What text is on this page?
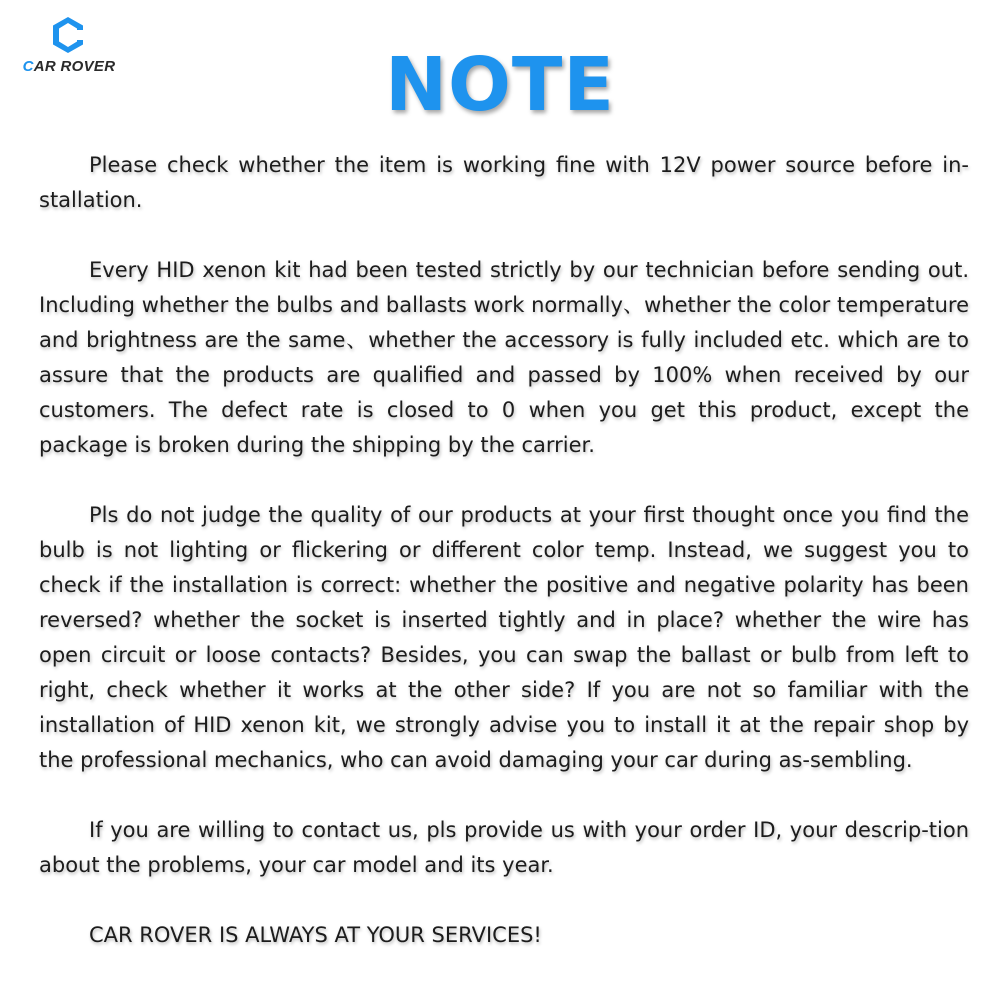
CAR ROVER	NOTE

Please check whether the item is working fine with 12V power source before in-stallation.

Every HID xenon kit had been tested strictly by our technician before sending out. Including whether the bulbs and ballasts work normally、whether the color temperature and brightness are the same、whether the accessory is fully included etc. which are to assure that the products are qualified and passed by 100% when received by our customers. The defect rate is closed to 0 when you get this product, except the package is broken during the shipping by the carrier.

Pls do not judge the quality of our products at your first thought once you find the bulb is not lighting or flickering or different color temp. Instead, we suggest you to check if the installation is correct: whether the positive and negative polarity has been reversed? whether the socket is inserted tightly and in place? whether the wire has open circuit or loose contacts? Besides, you can swap the ballast or bulb from left to right, check whether it works at the other side? If you are not so familiar with the installation of HID xenon kit, we strongly advise you to install it at the repair shop by the professional mechanics, who can avoid damaging your car during as-sembling.

If you are willing to contact us, pls provide us with your order ID, your descrip-tion about the problems, your car model and its year.

CAR ROVER IS ALWAYS AT YOUR SERVICES!
